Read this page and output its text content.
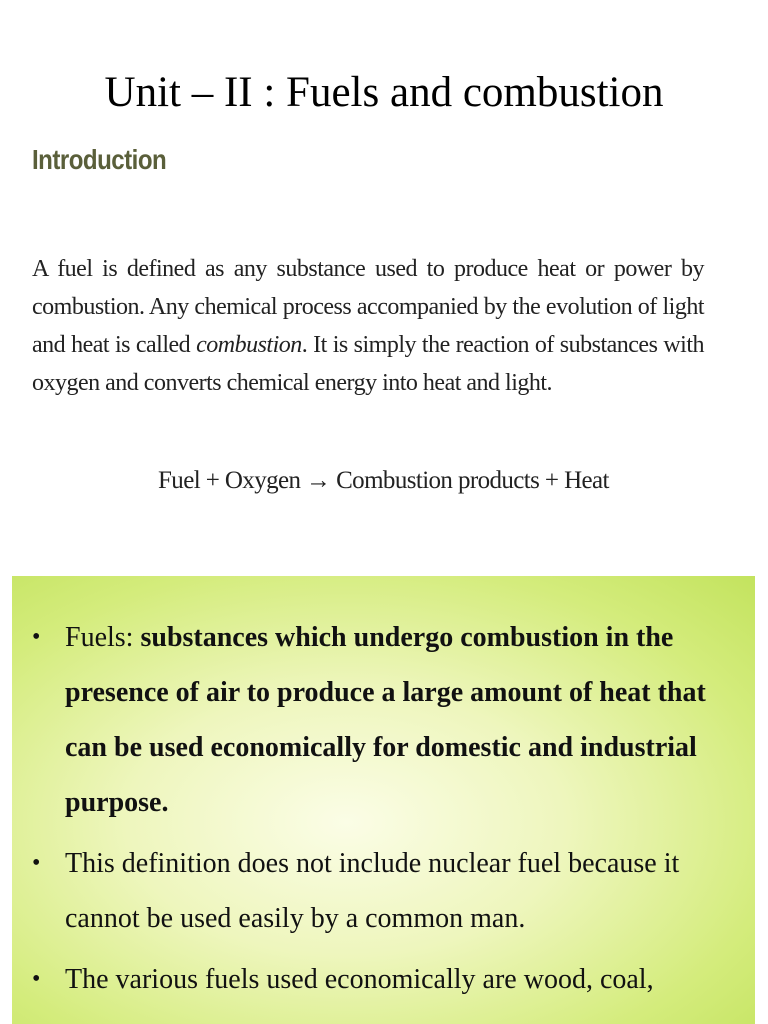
Unit – II : Fuels and combustion
Introduction

A fuel is defined as any substance used to produce heat or power by combustion. Any chemical process accompanied by the evolution of light and heat is called combustion. It is simply the reaction of substances with oxygen and converts chemical energy into heat and light.

Fuel + Oxygen → Combustion products + Heat

• Fuels: substances which undergo combustion in the presence of air to produce a large amount of heat that can be used economically for domestic and industrial purpose.
• This definition does not include nuclear fuel because it cannot be used easily by a common man.
• The various fuels used economically are wood, coal,
